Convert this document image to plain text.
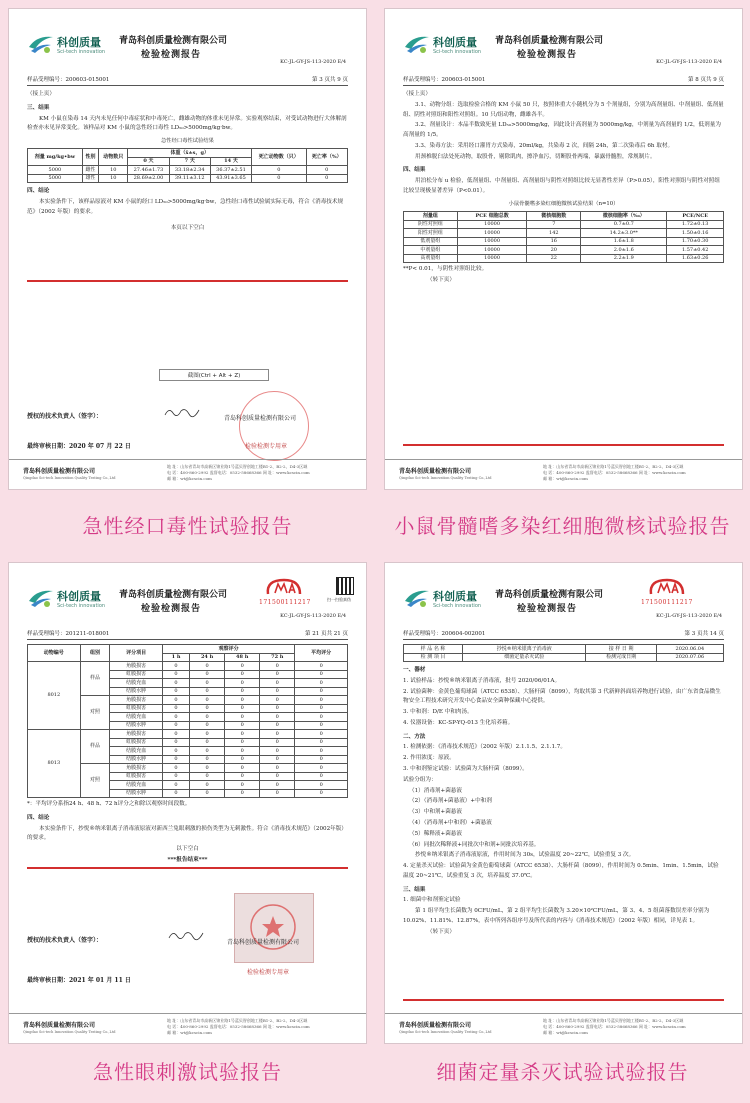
科创质量
Sci-tech innovation
青岛科创质量检测有限公司
检验检测报告
KC-JL-GY-JS-113-2020 E/4
样品受理编号：200603-015001	第 3 页共 9 页

（接上页）

三、结果

KM 小鼠在染毒 14 天内未见任何中毒症状和中毒死亡，雌雄动物的体重未见异常。实验观察结束，对受试动物进行大体解剖检查亦未见异常变化。该样品对 KM 小鼠的急性经口毒性 LD₅₀>5000mg/kg·bw。

急性经口毒性试验结果
剂量 mg/kg•bw	性别	动物数只	体重（x̄±s，g）			死亡动物数（只）	死亡率（%）
			0 天	7 天	14 天		
5000	雌性	10	27.46±1.73	33.18±2.34	36.37±2.51	0	0
5000	雄性	10	28.69±2.00	39.11±3.12	43.91±3.65	0	0

四、结论

本实验条件下，该样品原液对 KM 小鼠的经口 LD₅₀>5000mg/kg·bw，急性经口毒性试验属实际无毒，符合《消毒技术规范》（2002 年版）的要求。

本页以下空白

截图(Ctrl + Alt + Z)
授权的技术负责人（签字）：	青岛科创质量检测有限公司
最终审核日期：2020 年 07 月 22 日	检验检测专用章
青岛科创质量检测有限公司
Qingdao Sci-tech Innovation Quality Testing Co.,Ltd
地 址：山东省青岛市高新区锦业路1号蓝贝智创地工楼B1-2、B2-2、D4-3区域
电 话：400-860-2992 监督电话：0532-58668366 网 址：www.kcscin.com
邮 箱：wt@kcscin.com
科创质量
Sci-tech innovation
青岛科创质量检测有限公司
检验检测报告
KC-JL-GY-JS-113-2020 E/4
样品受理编号：200603-015001	第 8 页共 9 页

（接上页）

3.1、动物分组：选取检验合格的 KM 小鼠 50 只，按照体重大小随机分为 5 个剂量组，分别为高剂量组、中剂量组、低剂量组、阴性对照组和阳性对照组。10 只/组动物，雌雄各半。

3.2、剂量设计：本品半数致死量 LD₅₀>5000mg/kg，因此设计高剂量为 5000mg/kg，中剂量为高剂量的 1/2，低剂量为高剂量的 1/5。

3.3、染毒方法：采用经口灌胃方式染毒，20ml/kg，共染毒 2 次，间隔 24h，第二次染毒后 6h 取材。

用颈椎脱臼法处死动物，取股骨，剔除肌肉，擦净血污，切断股骨两端，暴露骨髓腔，常规制片。

四、结果

用泊松分布 u 检验，低剂量组、中剂量组、高剂量组与阴性对照组比较无显著性差异（P>0.05），阳性对照组与阴性对照组比较呈现极显著差异（P<0.01）。

小鼠骨髓嗜多染红细胞微核试验结果（n=10）
剂量组	PCE 细胞总数	微核细胞数	微核细胞率（‰）	PCE/NCE
阴性对照组	10000	7	0.7±0.7	1.72±0.13
阳性对照组	10000	142	14.2±3.0**	1.50±0.16
低剂量组	10000	16	1.6±1.8	1.70±0.30
中剂量组	10000	20	2.0±1.6	1.57±0.42
高剂量组	10000	22	2.2±1.9	1.63±0.26

**P< 0.01，与阴性对照组比较。

（转下页）

青岛科创质量检测有限公司
Qingdao Sci-tech Innovation Quality Testing Co.,Ltd
地 址：山东省青岛市高新区锦业路1号蓝贝智创地工楼B1-2、B2-2、D4-3区域
电 话：400-860-2992 监督电话：0532-58668366 网 址：www.kcscin.com
邮 箱：wt@kcscin.com
科创质量
Sci-tech innovation
青岛科创质量检测有限公司
检验检测报告
KC-JL-GY-JS-113-2020 E/4
171500111217	扫一扫验真伪
样品受理编号：201211-018001	第 21 页共 21 页
动物编号	组别	评分项目	观察评分				平均评分
			1 h	24 h	48 h	72 h	
8012	样品	角膜损害	0	0	0	0	0
		虹膜损害	0	0	0	0	0
		结膜充血	0	0	0	0	0
		结膜水肿	0	0	0	0	0
	对照	角膜损害	0	0	0	0	0
		虹膜损害	0	0	0	0	0
		结膜充血	0	0	0	0	0
		结膜水肿	0	0	0	0	0
8013	样品	角膜损害	0	0	0	0	0
		虹膜损害	0	0	0	0	0
		结膜充血	0	0	0	0	0
		结膜水肿	0	0	0	0	0
	对照	角膜损害	0	0	0	0	0
		虹膜损害	0	0	0	0	0
		结膜充血	0	0	0	0	0
		结膜水肿	0	0	0	0	0

*：平均评分系指24 h、48 h、72 h评分之和除以观察时间段数。

四、结论

本实验条件下，抄悦®纳米银离子消毒液原液对新西兰兔眼刺激的损伤类型为无刺激性。符合《消毒技术规范》（2002年版）的要求。

以下空白

***报告结束***

授权的技术负责人（签字）：	青岛科创质量检测有限公司
最终审核日期：2021 年 01 月 11 日
检验检测专用章
青岛科创质量检测有限公司
Qingdao Sci-tech Innovation Quality Testing Co.,Ltd
地 址：山东省青岛市高新区锦业路1号蓝贝智创地工楼B1-2、B2-2、D4-3区域
电 话：400-860-2992 监督电话：0532-58668366 网 址：www.kcscin.com
邮 箱：wt@kcscin.com
科创质量
Sci-tech innovation
青岛科创质量检测有限公司
检验检测报告
KC-JL-GY-JS-113-2020 E/4
171500111217
样品受理编号：200604-002001	第 3 页共 14 页
样 品 名 称	抄悦®纳米银离子消毒液	接 样 日 期	2020.06.04
检 测 项 目	细菌定量杀灭试验	检测完成日期	2020.07.06

一、器材

1. 试验样品：抄悦®纳米银离子消毒液，批号 2020/06/01A。

2. 试验菌种：金黄色葡萄球菌（ATCC 6538）、大肠杆菌（8099），均取其第 3 代新鲜斜面培养物进行试验，由广东省食品微生物安全工程技术研究开发中心食品安全菌种保藏中心提供。

3. 中和剂：D/E 中和肉汤。

4. 仪器设备：KC-SP-YQ-013 生化培养箱。

二、方法

1. 检测依据：《消毒技术规范》（2002 年版）2.1.1.5、2.1.1.7。

2. 作用浓度：原液。

3. 中和剂鉴定试验：试验菌为大肠杆菌（8099）。

试验分组为：

（1）消毒剂+菌悬液

（2）（消毒剂+菌悬液）+中和剂

（3）中和剂+菌悬液

（4）（消毒剂+中和剂）+菌悬液

（5）稀释液+菌悬液

（6）同批次稀释液+同批次中和剂+同批次培养基。

抄悦®纳米银离子消毒液原液，作用时间为 30s，试验温度 20~22℃，试验重复 3 次。

4. 定量杀灭试验：试验菌为金黄色葡萄球菌（ATCC 6538）、大肠杆菌（8099），作用时间为 0.5min、1min、1.5min，试验温度 20~21℃，试验重复 3 次，培养温度 37.0℃。

三、结果

1. 细菌中和剂鉴定试验

第 1 组平均生长菌数为 0CFU/mL，第 2 组平均生长菌数为 3.20×10²CFU/mL，第 3、4、5 组菌落数误差率分别为 10.02%、11.81%、12.87%，表中所列各组序号及所代表的内容与《消毒技术规范》（2002 年版）相同，详见表 1。

（转下页）

青岛科创质量检测有限公司
Qingdao Sci-tech Innovation Quality Testing Co.,Ltd
地 址：山东省青岛市高新区锦业路1号蓝贝智创地工楼B1-2、B2-2、D4-3区域
电 话：400-860-2992 监督电话：0532-58668366 网 址：www.kcscin.com
邮 箱：wt@kcscin.com
急性经口毒性试验报告	小鼠骨髓嗜多染红细胞微核试验报告
急性眼刺激试验报告	细菌定量杀灭试验试验报告
